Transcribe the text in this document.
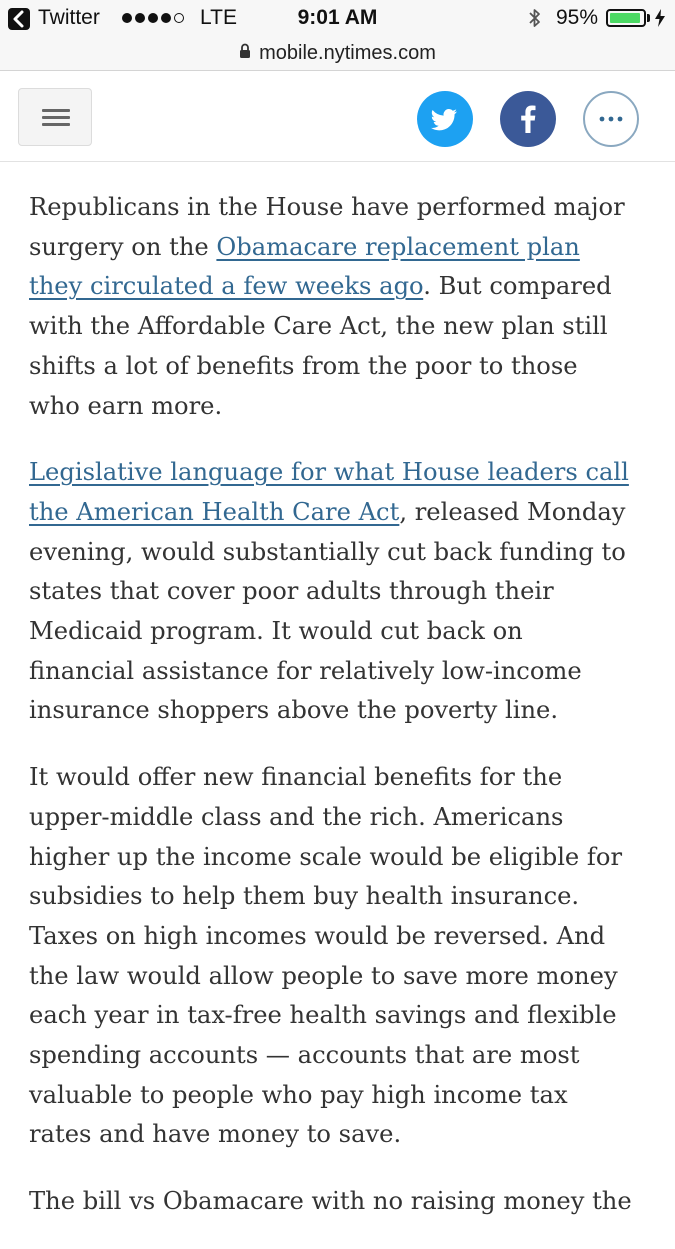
Twitter	LTE	9:01 AM	95%
mobile.nytimes.com

Republicans in the House have performed major
surgery on the Obamacare replacement plan
they circulated a few weeks ago. But compared
with the Affordable Care Act, the new plan still
shifts a lot of benefits from the poor to those
who earn more.

Legislative language for what House leaders call
the American Health Care Act, released Monday
evening, would substantially cut back funding to
states that cover poor adults through their
Medicaid program. It would cut back on
financial assistance for relatively low-income
insurance shoppers above the poverty line.

It would offer new financial benefits for the
upper-middle class and the rich. Americans
higher up the income scale would be eligible for
subsidies to help them buy health insurance.
Taxes on high incomes would be reversed. And
the law would allow people to save more money
each year in tax-free health savings and flexible
spending accounts — accounts that are most
valuable to people who pay high income tax
rates and have money to save.

The bill vs Obamacare with no raising money the
